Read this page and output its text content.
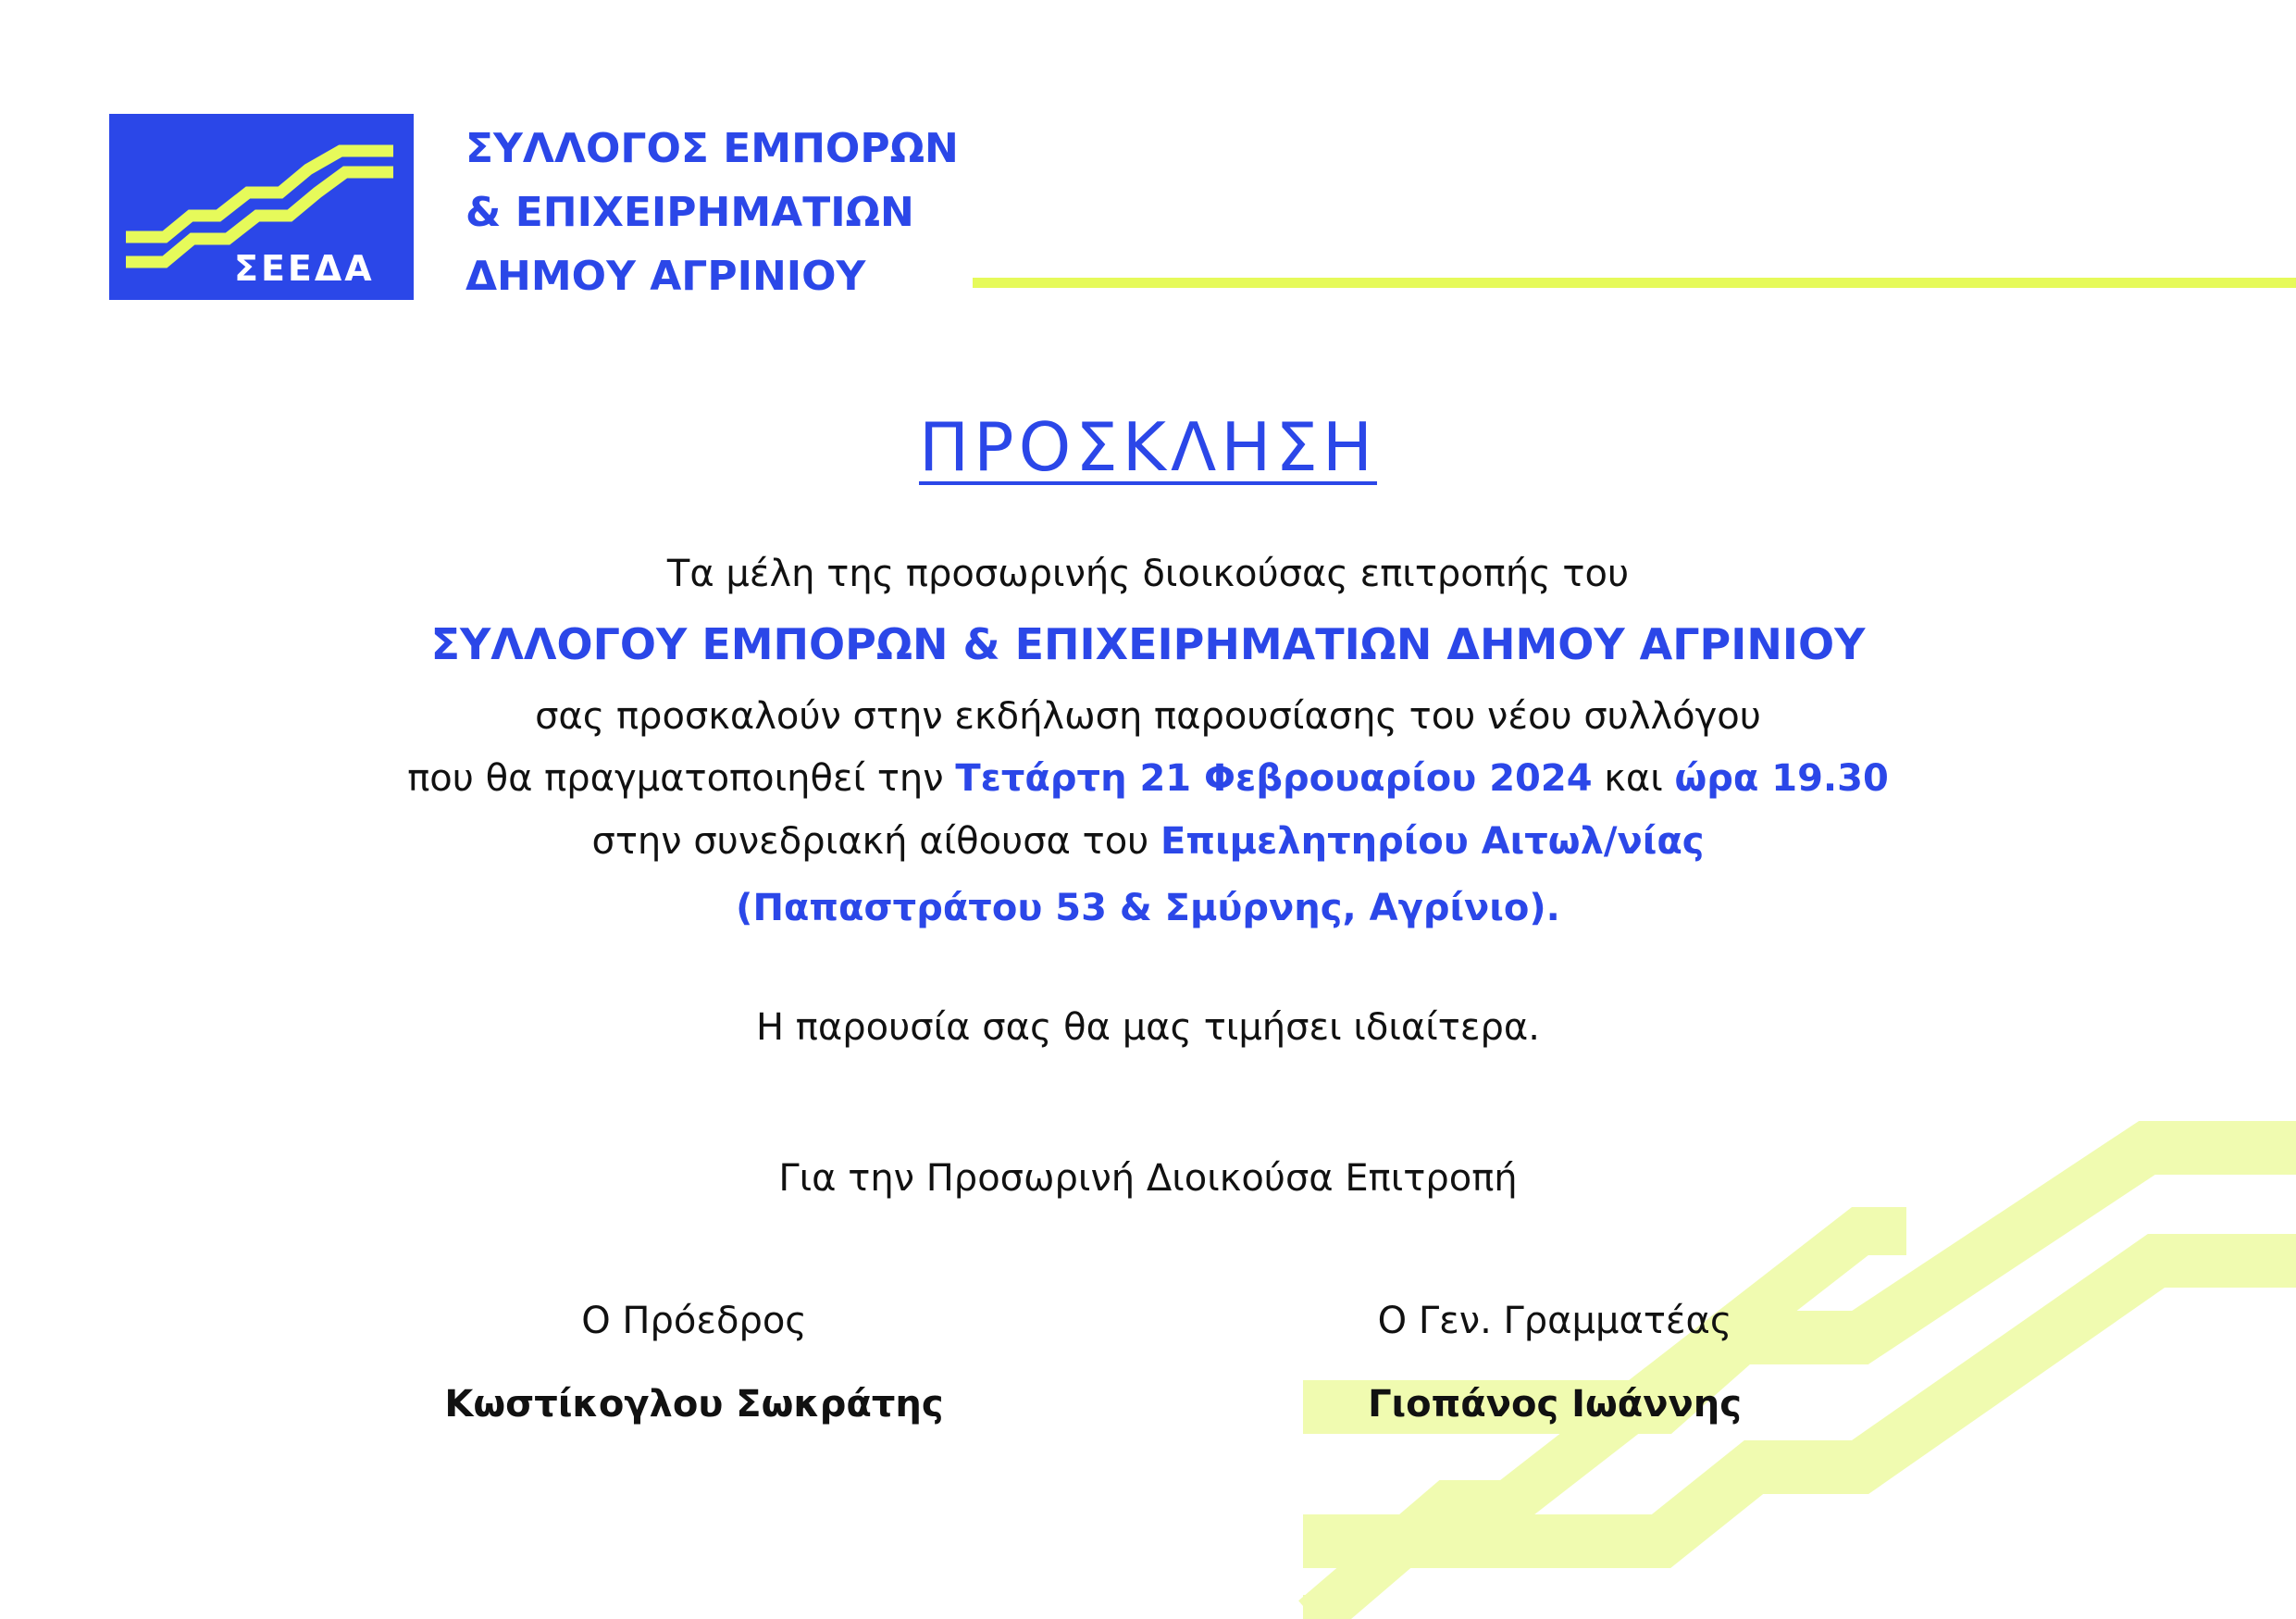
ΣΕΕΔΑ
ΣΥΛΛΟΓΟΣ ΕΜΠΟΡΩΝ
& ΕΠΙΧΕΙΡΗΜΑΤΙΩΝ
ΔΗΜΟΥ ΑΓΡΙΝΙΟΥ
ΠΡΟΣΚΛΗΣΗ
Τα μέλη της προσωρινής διοικούσας επιτροπής του
ΣΥΛΛΟΓΟΥ ΕΜΠΟΡΩΝ & ΕΠΙΧΕΙΡΗΜΑΤΙΩΝ ΔΗΜΟΥ ΑΓΡΙΝΙΟΥ
σας προσκαλούν στην εκδήλωση παρουσίασης του νέου συλλόγου
που θα πραγματοποιηθεί την Τετάρτη 21 Φεβρουαρίου 2024 και ώρα 19.30
στην συνεδριακή αίθουσα του Επιμελητηρίου Αιτωλ/νίας
(Παπαστράτου 53 & Σμύρνης, Αγρίνιο).
Η παρουσία σας θα μας τιμήσει ιδιαίτερα.
Για την Προσωρινή Διοικούσα Επιτροπή
Ο Πρόεδρος
Κωστίκογλου Σωκράτης
Ο Γεν. Γραμματέας
Γιοπάνος Ιωάννης
